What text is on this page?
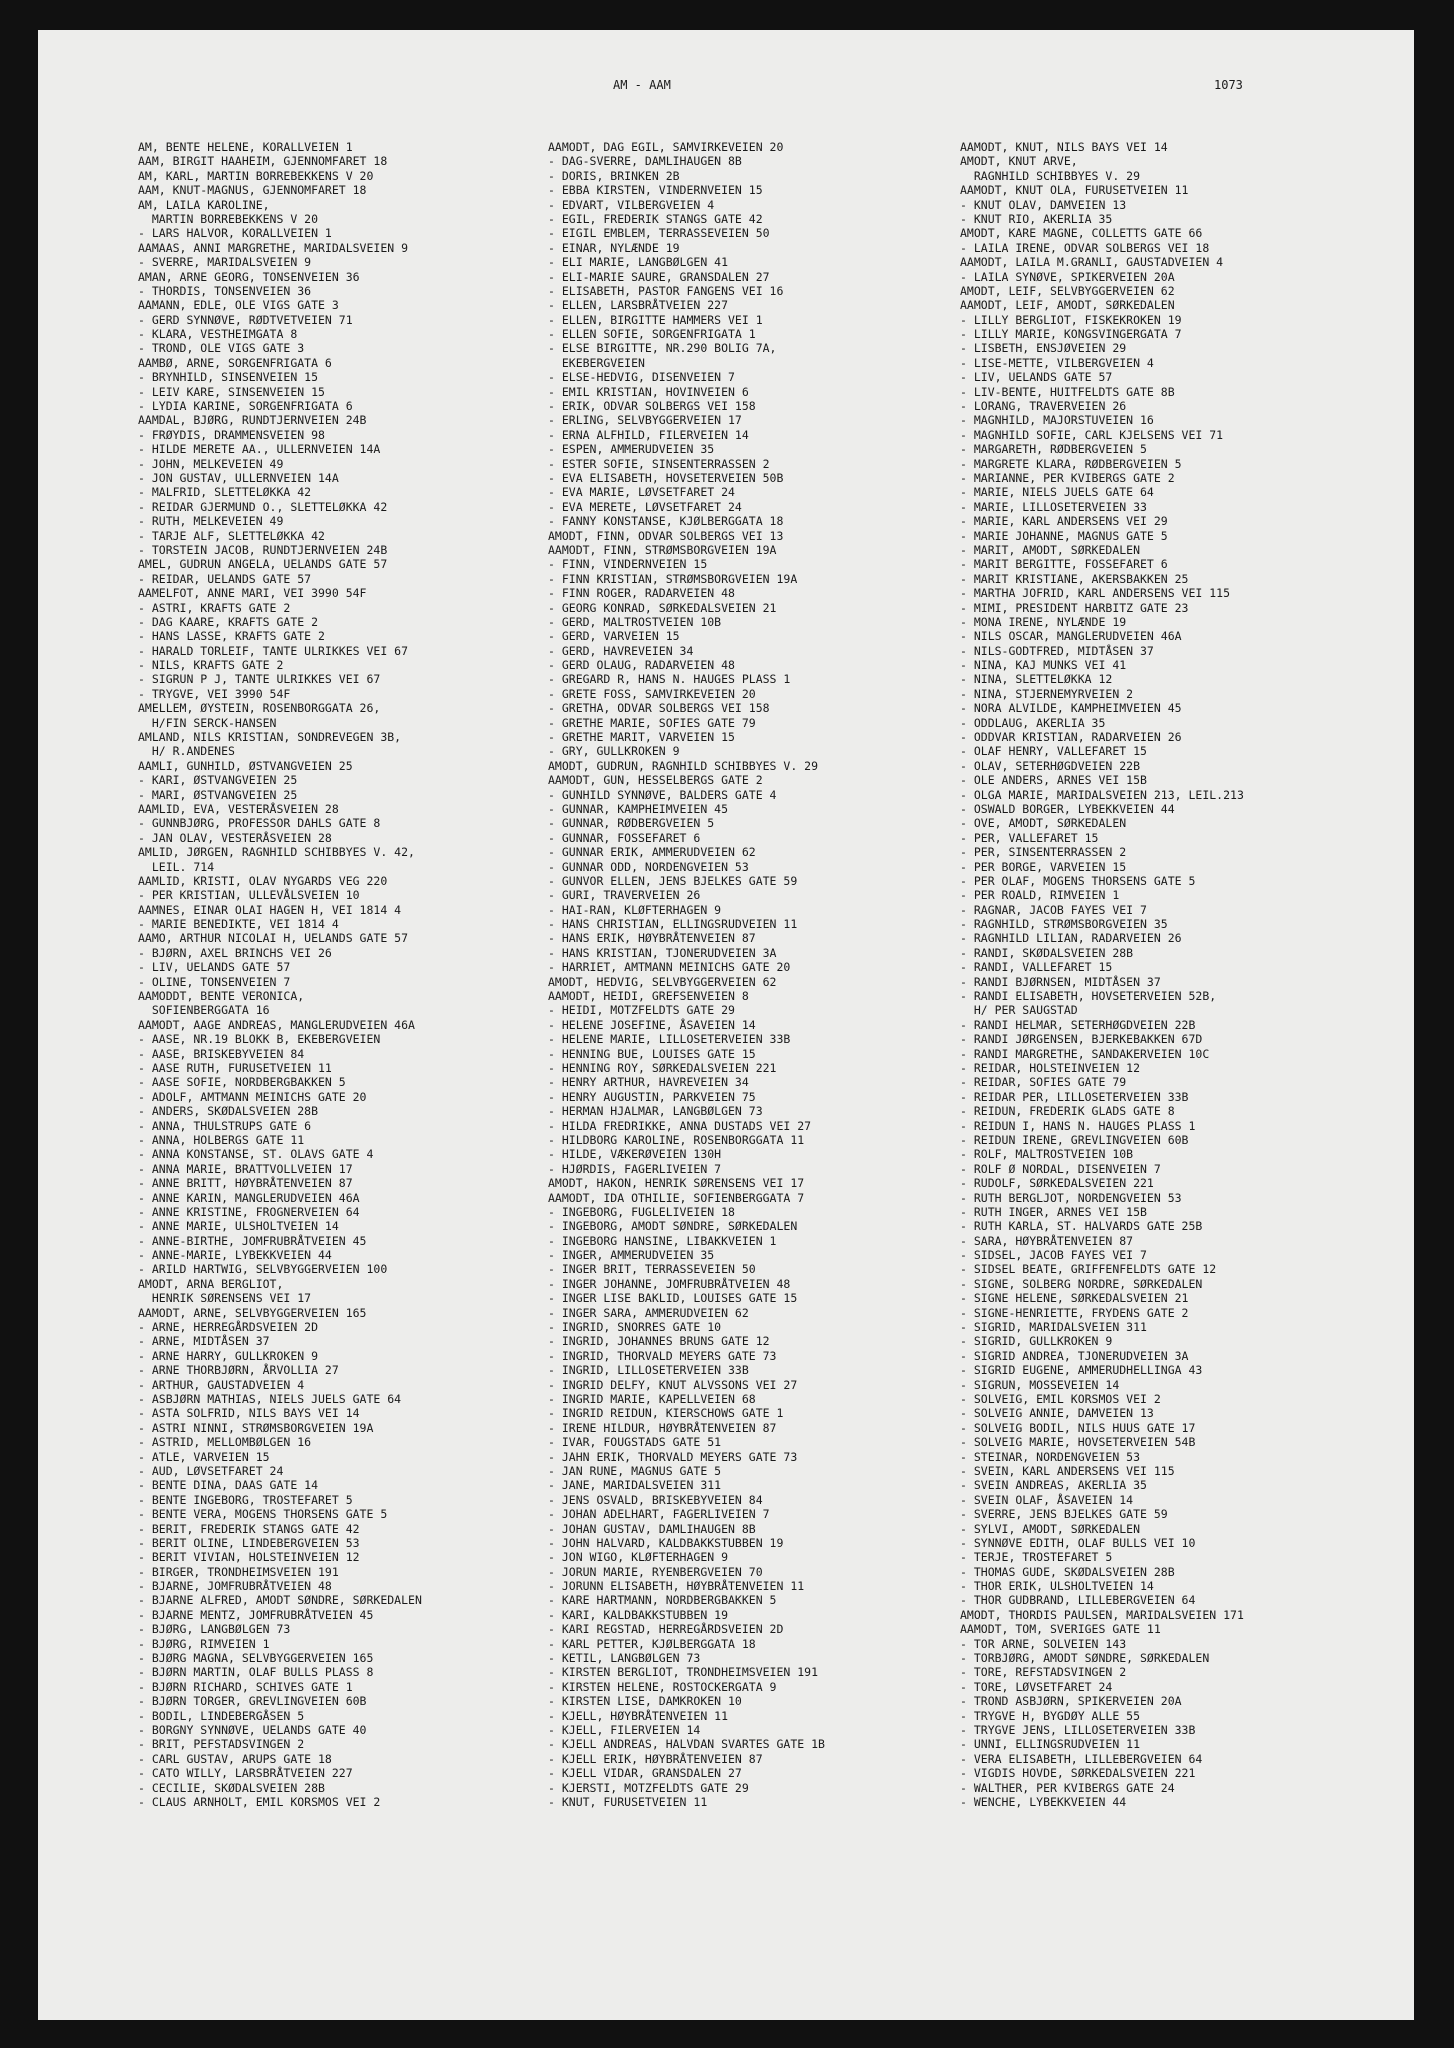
AM - AAM	1073
AM, BENTE HELENE, KORALLVEIEN 1
AAM, BIRGIT HAAHEIM, GJENNOMFARET 18
AM, KARL, MARTIN BORREBEKKENS V 20
AAM, KNUT-MAGNUS, GJENNOMFARET 18
AM, LAILA KAROLINE,
MARTIN BORREBEKKENS V 20
- LARS HALVOR, KORALLVEIEN 1
AAMAAS, ANNI MARGRETHE, MARIDALSVEIEN 9
- SVERRE, MARIDALSVEIEN 9
AMAN, ARNE GEORG, TONSENVEIEN 36
- THORDIS, TONSENVEIEN 36
AAMANN, EDLE, OLE VIGS GATE 3
- GERD SYNNØVE, RØDTVETVEIEN 71
- KLARA, VESTHEIMGATA 8
- TROND, OLE VIGS GATE 3
AAMBØ, ARNE, SORGENFRIGATA 6
- BRYNHILD, SINSENVEIEN 15
- LEIV KARE, SINSENVEIEN 15
- LYDIA KARINE, SORGENFRIGATA 6
AAMDAL, BJØRG, RUNDTJERNVEIEN 24B
- FRØYDIS, DRAMMENSVEIEN 98
- HILDE MERETE AA., ULLERNVEIEN 14A
- JOHN, MELKEVEIEN 49
- JON GUSTAV, ULLERNVEIEN 14A
- MALFRID, SLETTELØKKA 42
- REIDAR GJERMUND O., SLETTELØKKA 42
- RUTH, MELKEVEIEN 49
- TARJE ALF, SLETTELØKKA 42
- TORSTEIN JACOB, RUNDTJERNVEIEN 24B
AMEL, GUDRUN ANGELA, UELANDS GATE 57
- REIDAR, UELANDS GATE 57
AAMELFOT, ANNE MARI, VEI 3990 54F
- ASTRI, KRAFTS GATE 2
- DAG KAARE, KRAFTS GATE 2
- HANS LASSE, KRAFTS GATE 2
- HARALD TORLEIF, TANTE ULRIKKES VEI 67
- NILS, KRAFTS GATE 2
- SIGRUN P J, TANTE ULRIKKES VEI 67
- TRYGVE, VEI 3990 54F
AMELLEM, ØYSTEIN, ROSENBORGGATA 26,
H/FIN SERCK-HANSEN
AMLAND, NILS KRISTIAN, SONDREVEGEN 3B,
H/ R.ANDENES
AAMLI, GUNHILD, ØSTVANGVEIEN 25
- KARI, ØSTVANGVEIEN 25
- MARI, ØSTVANGVEIEN 25
AAMLID, EVA, VESTERÅSVEIEN 28
- GUNNBJØRG, PROFESSOR DAHLS GATE 8
- JAN OLAV, VESTERÅSVEIEN 28
AMLID, JØRGEN, RAGNHILD SCHIBBYES V. 42,
LEIL. 714
AAMLID, KRISTI, OLAV NYGARDS VEG 220
- PER KRISTIAN, ULLEVÅLSVEIEN 10
AAMNES, EINAR OLAI HAGEN H, VEI 1814 4
- MARIE BENEDIKTE, VEI 1814 4
AAMO, ARTHUR NICOLAI H, UELANDS GATE 57
- BJØRN, AXEL BRINCHS VEI 26
- LIV, UELANDS GATE 57
- OLINE, TONSENVEIEN 7
AAMODDT, BENTE VERONICA,
SOFIENBERGGATA 16
AAMODT, AAGE ANDREAS, MANGLERUDVEIEN 46A
- AASE, NR.19 BLOKK B, EKEBERGVEIEN
- AASE, BRISKEBYVEIEN 84
- AASE RUTH, FURUSETVEIEN 11
- AASE SOFIE, NORDBERGBAKKEN 5
- ADOLF, AMTMANN MEINICHS GATE 20
- ANDERS, SKØDALSVEIEN 28B
- ANNA, THULSTRUPS GATE 6
- ANNA, HOLBERGS GATE 11
- ANNA KONSTANSE, ST. OLAVS GATE 4
- ANNA MARIE, BRATTVOLLVEIEN 17
- ANNE BRITT, HØYBRÅTENVEIEN 87
- ANNE KARIN, MANGLERUDVEIEN 46A
- ANNE KRISTINE, FROGNERVEIEN 64
- ANNE MARIE, ULSHOLTVEIEN 14
- ANNE-BIRTHE, JOMFRUBRÅTVEIEN 45
- ANNE-MARIE, LYBEKKVEIEN 44
- ARILD HARTWIG, SELVBYGGERVEIEN 100
AMODT, ARNA BERGLIOT,
HENRIK SØRENSENS VEI 17
AAMODT, ARNE, SELVBYGGERVEIEN 165
- ARNE, HERREGÅRDSVEIEN 2D
- ARNE, MIDTÅSEN 37
- ARNE HARRY, GULLKROKEN 9
- ARNE THORBJØRN, ÅRVOLLIA 27
- ARTHUR, GAUSTADVEIEN 4
- ASBJØRN MATHIAS, NIELS JUELS GATE 64
- ASTA SOLFRID, NILS BAYS VEI 14
- ASTRI NINNI, STRØMSBORGVEIEN 19A
- ASTRID, MELLOMBØLGEN 16
- ATLE, VARVEIEN 15
- AUD, LØVSETFARET 24
- BENTE DINA, DAAS GATE 14
- BENTE INGEBORG, TROSTEFARET 5
- BENTE VERA, MOGENS THORSENS GATE 5
- BERIT, FREDERIK STANGS GATE 42
- BERIT OLINE, LINDEBERGVEIEN 53
- BERIT VIVIAN, HOLSTEINVEIEN 12
- BIRGER, TRONDHEIMSVEIEN 191
- BJARNE, JOMFRUBRÅTVEIEN 48
- BJARNE ALFRED, AMODT SØNDRE, SØRKEDALEN
- BJARNE MENTZ, JOMFRUBRÅTVEIEN 45
- BJØRG, LANGBØLGEN 73
- BJØRG, RIMVEIEN 1
- BJØRG MAGNA, SELVBYGGERVEIEN 165
- BJØRN MARTIN, OLAF BULLS PLASS 8
- BJØRN RICHARD, SCHIVES GATE 1
- BJØRN TORGER, GREVLINGVEIEN 60B
- BODIL, LINDEBERGÅSEN 5
- BORGNY SYNNØVE, UELANDS GATE 40
- BRIT, PEFSTADSVINGEN 2
- CARL GUSTAV, ARUPS GATE 18
- CATO WILLY, LARSBRÅTVEIEN 227
- CECILIE, SKØDALSVEIEN 28B
- CLAUS ARNHOLT, EMIL KORSMOS VEI 2
AAMODT, DAG EGIL, SAMVIRKEVEIEN 20
- DAG-SVERRE, DAMLIHAUGEN 8B
- DORIS, BRINKEN 2B
- EBBA KIRSTEN, VINDERNVEIEN 15
- EDVART, VILBERGVEIEN 4
- EGIL, FREDERIK STANGS GATE 42
- EIGIL EMBLEM, TERRASSEVEIEN 50
- EINAR, NYLÆNDE 19
- ELI MARIE, LANGBØLGEN 41
- ELI-MARIE SAURE, GRANSDALEN 27
- ELISABETH, PASTOR FANGENS VEI 16
- ELLEN, LARSBRÅTVEIEN 227
- ELLEN, BIRGITTE HAMMERS VEI 1
- ELLEN SOFIE, SORGENFRIGATA 1
- ELSE BIRGITTE, NR.290 BOLIG 7A,
EKEBERGVEIEN
- ELSE-HEDVIG, DISENVEIEN 7
- EMIL KRISTIAN, HOVINVEIEN 6
- ERIK, ODVAR SOLBERGS VEI 158
- ERLING, SELVBYGGERVEIEN 17
- ERNA ALFHILD, FILERVEIEN 14
- ESPEN, AMMERUDVEIEN 35
- ESTER SOFIE, SINSENTERRASSEN 2
- EVA ELISABETH, HOVSETERVEIEN 50B
- EVA MARIE, LØVSETFARET 24
- EVA MERETE, LØVSETFARET 24
- FANNY KONSTANSE, KJØLBERGGATA 18
AMODT, FINN, ODVAR SOLBERGS VEI 13
AAMODT, FINN, STRØMSBORGVEIEN 19A
- FINN, VINDERNVEIEN 15
- FINN KRISTIAN, STRØMSBORGVEIEN 19A
- FINN ROGER, RADARVEIEN 48
- GEORG KONRAD, SØRKEDALSVEIEN 21
- GERD, MALTROSTVEIEN 10B
- GERD, VARVEIEN 15
- GERD, HAVREVEIEN 34
- GERD OLAUG, RADARVEIEN 48
- GREGARD R, HANS N. HAUGES PLASS 1
- GRETE FOSS, SAMVIRKEVEIEN 20
- GRETHA, ODVAR SOLBERGS VEI 158
- GRETHE MARIE, SOFIES GATE 79
- GRETHE MARIT, VARVEIEN 15
- GRY, GULLKROKEN 9
AMODT, GUDRUN, RAGNHILD SCHIBBYES V. 29
AAMODT, GUN, HESSELBERGS GATE 2
- GUNHILD SYNNØVE, BALDERS GATE 4
- GUNNAR, KAMPHEIMVEIEN 45
- GUNNAR, RØDBERGVEIEN 5
- GUNNAR, FOSSEFARET 6
- GUNNAR ERIK, AMMERUDVEIEN 62
- GUNNAR ODD, NORDENGVEIEN 53
- GUNVOR ELLEN, JENS BJELKES GATE 59
- GURI, TRAVERVEIEN 26
- HAI-RAN, KLØFTERHAGEN 9
- HANS CHRISTIAN, ELLINGSRUDVEIEN 11
- HANS ERIK, HØYBRÅTENVEIEN 87
- HANS KRISTIAN, TJONERUDVEIEN 3A
- HARRIET, AMTMANN MEINICHS GATE 20
AMODT, HEDVIG, SELVBYGGERVEIEN 62
AAMODT, HEIDI, GREFSENVEIEN 8
- HEIDI, MOTZFELDTS GATE 29
- HELENE JOSEFINE, ÅSAVEIEN 14
- HELENE MARIE, LILLOSETERVEIEN 33B
- HENNING BUE, LOUISES GATE 15
- HENNING ROY, SØRKEDALSVEIEN 221
- HENRY ARTHUR, HAVREVEIEN 34
- HENRY AUGUSTIN, PARKVEIEN 75
- HERMAN HJALMAR, LANGBØLGEN 73
- HILDA FREDRIKKE, ANNA DUSTADS VEI 27
- HILDBORG KAROLINE, ROSENBORGGATA 11
- HILDE, VÆKERØVEIEN 130H
- HJØRDIS, FAGERLIVEIEN 7
AMODT, HAKON, HENRIK SØRENSENS VEI 17
AAMODT, IDA OTHILIE, SOFIENBERGGATA 7
- INGEBORG, FUGLELIVEIEN 18
- INGEBORG, AMODT SØNDRE, SØRKEDALEN
- INGEBORG HANSINE, LIBAKKVEIEN 1
- INGER, AMMERUDVEIEN 35
- INGER BRIT, TERRASSEVEIEN 50
- INGER JOHANNE, JOMFRUBRÅTVEIEN 48
- INGER LISE BAKLID, LOUISES GATE 15
- INGER SARA, AMMERUDVEIEN 62
- INGRID, SNORRES GATE 10
- INGRID, JOHANNES BRUNS GATE 12
- INGRID, THORVALD MEYERS GATE 73
- INGRID, LILLOSETERVEIEN 33B
- INGRID DELFY, KNUT ALVSSONS VEI 27
- INGRID MARIE, KAPELLVEIEN 68
- INGRID REIDUN, KIERSCHOWS GATE 1
- IRENE HILDUR, HØYBRÅTENVEIEN 87
- IVAR, FOUGSTADS GATE 51
- JAHN ERIK, THORVALD MEYERS GATE 73
- JAN RUNE, MAGNUS GATE 5
- JANE, MARIDALSVEIEN 311
- JENS OSVALD, BRISKEBYVEIEN 84
- JOHAN ADELHART, FAGERLIVEIEN 7
- JOHAN GUSTAV, DAMLIHAUGEN 8B
- JOHN HALVARD, KALDBAKKSTUBBEN 19
- JON WIGO, KLØFTERHAGEN 9
- JORUN MARIE, RYENBERGVEIEN 70
- JORUNN ELISABETH, HØYBRÅTENVEIEN 11
- KARE HARTMANN, NORDBERGBAKKEN 5
- KARI, KALDBAKKSTUBBEN 19
- KARI REGSTAD, HERREGÅRDSVEIEN 2D
- KARL PETTER, KJØLBERGGATA 18
- KETIL, LANGBØLGEN 73
- KIRSTEN BERGLIOT, TRONDHEIMSVEIEN 191
- KIRSTEN HELENE, ROSTOCKERGATA 9
- KIRSTEN LISE, DAMKROKEN 10
- KJELL, HØYBRÅTENVEIEN 11
- KJELL, FILERVEIEN 14
- KJELL ANDREAS, HALVDAN SVARTES GATE 1B
- KJELL ERIK, HØYBRÅTENVEIEN 87
- KJELL VIDAR, GRANSDALEN 27
- KJERSTI, MOTZFELDTS GATE 29
- KNUT, FURUSETVEIEN 11
AAMODT, KNUT, NILS BAYS VEI 14
AMODT, KNUT ARVE,
RAGNHILD SCHIBBYES V. 29
AAMODT, KNUT OLA, FURUSETVEIEN 11
- KNUT OLAV, DAMVEIEN 13
- KNUT RIO, AKERLIA 35
AMODT, KARE MAGNE, COLLETTS GATE 66
- LAILA IRENE, ODVAR SOLBERGS VEI 18
AAMODT, LAILA M.GRANLI, GAUSTADVEIEN 4
- LAILA SYNØVE, SPIKERVEIEN 20A
AMODT, LEIF, SELVBYGGERVEIEN 62
AAMODT, LEIF, AMODT, SØRKEDALEN
- LILLY BERGLIOT, FISKEKROKEN 19
- LILLY MARIE, KONGSVINGERGATA 7
- LISBETH, ENSJØVEIEN 29
- LISE-METTE, VILBERGVEIEN 4
- LIV, UELANDS GATE 57
- LIV-BENTE, HUITFELDTS GATE 8B
- LORANG, TRAVERVEIEN 26
- MAGNHILD, MAJORSTUVEIEN 16
- MAGNHILD SOFIE, CARL KJELSENS VEI 71
- MARGARETH, RØDBERGVEIEN 5
- MARGRETE KLARA, RØDBERGVEIEN 5
- MARIANNE, PER KVIBERGS GATE 2
- MARIE, NIELS JUELS GATE 64
- MARIE, LILLOSETERVEIEN 33
- MARIE, KARL ANDERSENS VEI 29
- MARIE JOHANNE, MAGNUS GATE 5
- MARIT, AMODT, SØRKEDALEN
- MARIT BERGITTE, FOSSEFARET 6
- MARIT KRISTIANE, AKERSBAKKEN 25
- MARTHA JOFRID, KARL ANDERSENS VEI 115
- MIMI, PRESIDENT HARBITZ GATE 23
- MONA IRENE, NYLÆNDE 19
- NILS OSCAR, MANGLERUDVEIEN 46A
- NILS-GODTFRED, MIDTÅSEN 37
- NINA, KAJ MUNKS VEI 41
- NINA, SLETTELØKKA 12
- NINA, STJERNEMYRVEIEN 2
- NORA ALVILDE, KAMPHEIMVEIEN 45
- ODDLAUG, AKERLIA 35
- ODDVAR KRISTIAN, RADARVEIEN 26
- OLAF HENRY, VALLEFARET 15
- OLAV, SETERHØGDVEIEN 22B
- OLE ANDERS, ARNES VEI 15B
- OLGA MARIE, MARIDALSVEIEN 213, LEIL.213
- OSWALD BORGER, LYBEKKVEIEN 44
- OVE, AMODT, SØRKEDALEN
- PER, VALLEFARET 15
- PER, SINSENTERRASSEN 2
- PER BORGE, VARVEIEN 15
- PER OLAF, MOGENS THORSENS GATE 5
- PER ROALD, RIMVEIEN 1
- RAGNAR, JACOB FAYES VEI 7
- RAGNHILD, STRØMSBORGVEIEN 35
- RAGNHILD LILIAN, RADARVEIEN 26
- RANDI, SKØDALSVEIEN 28B
- RANDI, VALLEFARET 15
- RANDI BJØRNSEN, MIDTÅSEN 37
- RANDI ELISABETH, HOVSETERVEIEN 52B,
H/ PER SAUGSTAD
- RANDI HELMAR, SETERHØGDVEIEN 22B
- RANDI JØRGENSEN, BJERKEBAKKEN 67D
- RANDI MARGRETHE, SANDAKERVEIEN 10C
- REIDAR, HOLSTEINVEIEN 12
- REIDAR, SOFIES GATE 79
- REIDAR PER, LILLOSETERVEIEN 33B
- REIDUN, FREDERIK GLADS GATE 8
- REIDUN I, HANS N. HAUGES PLASS 1
- REIDUN IRENE, GREVLINGVEIEN 60B
- ROLF, MALTROSTVEIEN 10B
- ROLF Ø NORDAL, DISENVEIEN 7
- RUDOLF, SØRKEDALSVEIEN 221
- RUTH BERGLJOT, NORDENGVEIEN 53
- RUTH INGER, ARNES VEI 15B
- RUTH KARLA, ST. HALVARDS GATE 25B
- SARA, HØYBRÅTENVEIEN 87
- SIDSEL, JACOB FAYES VEI 7
- SIDSEL BEATE, GRIFFENFELDTS GATE 12
- SIGNE, SOLBERG NORDRE, SØRKEDALEN
- SIGNE HELENE, SØRKEDALSVEIEN 21
- SIGNE-HENRIETTE, FRYDENS GATE 2
- SIGRID, MARIDALSVEIEN 311
- SIGRID, GULLKROKEN 9
- SIGRID ANDREA, TJONERUDVEIEN 3A
- SIGRID EUGENE, AMMERUDHELLINGA 43
- SIGRUN, MOSSEVEIEN 14
- SOLVEIG, EMIL KORSMOS VEI 2
- SOLVEIG ANNIE, DAMVEIEN 13
- SOLVEIG BODIL, NILS HUUS GATE 17
- SOLVEIG MARIE, HOVSETERVEIEN 54B
- STEINAR, NORDENGVEIEN 53
- SVEIN, KARL ANDERSENS VEI 115
- SVEIN ANDREAS, AKERLIA 35
- SVEIN OLAF, ÅSAVEIEN 14
- SVERRE, JENS BJELKES GATE 59
- SYLVI, AMODT, SØRKEDALEN
- SYNNØVE EDITH, OLAF BULLS VEI 10
- TERJE, TROSTEFARET 5
- THOMAS GUDE, SKØDALSVEIEN 28B
- THOR ERIK, ULSHOLTVEIEN 14
- THOR GUDBRAND, LILLEBERGVEIEN 64
AMODT, THORDIS PAULSEN, MARIDALSVEIEN 171
AAMODT, TOM, SVERIGES GATE 11
- TOR ARNE, SOLVEIEN 143
- TORBJØRG, AMODT SØNDRE, SØRKEDALEN
- TORE, REFSTADSVINGEN 2
- TORE, LØVSETFARET 24
- TROND ASBJØRN, SPIKERVEIEN 20A
- TRYGVE H, BYGDØY ALLE 55
- TRYGVE JENS, LILLOSETERVEIEN 33B
- UNNI, ELLINGSRUDVEIEN 11
- VERA ELISABETH, LILLEBERGVEIEN 64
- VIGDIS HOVDE, SØRKEDALSVEIEN 221
- WALTHER, PER KVIBERGS GATE 24
- WENCHE, LYBEKKVEIEN 44
